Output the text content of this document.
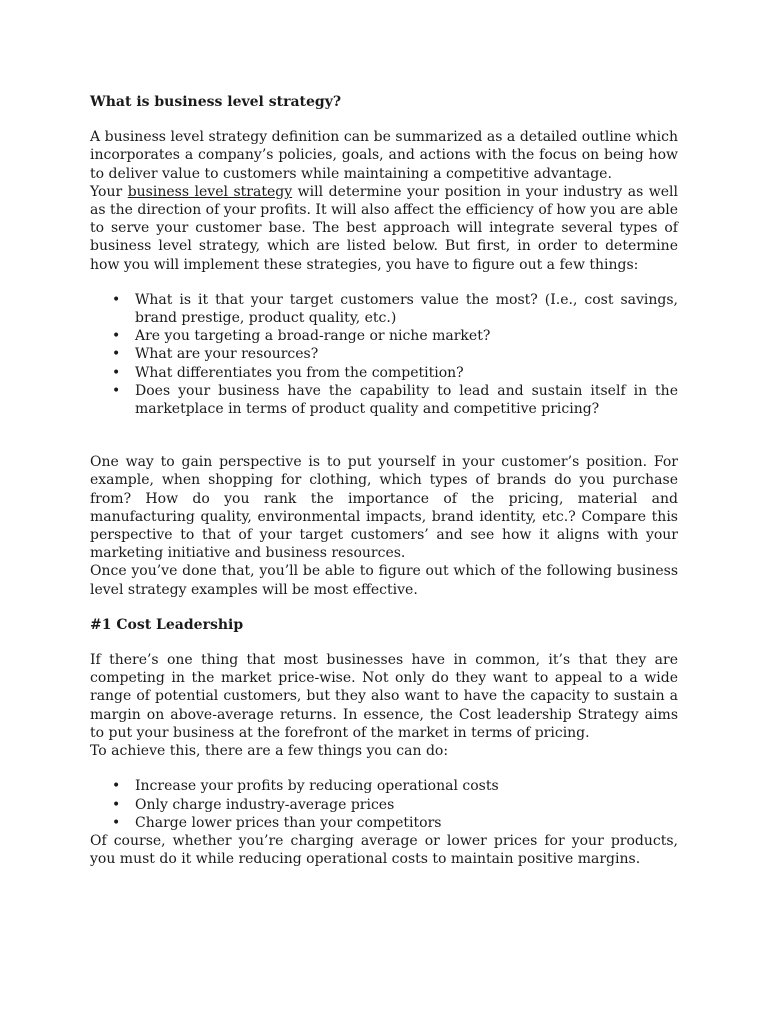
What is business level strategy?

A business level strategy definition can be summarized as a detailed outline which incorporates a company’s policies, goals, and actions with the focus on being how to deliver value to customers while maintaining a competitive advantage.

Your business level strategy will determine your position in your industry as well as the direction of your profits. It will also affect the efficiency of how you are able to serve your customer base. The best approach will integrate several types of business level strategy, which are listed below. But first, in order to determine how you will implement these strategies, you have to figure out a few things:

• What is it that your target customers value the most? (I.e., cost savings, brand prestige, product quality, etc.)
• Are you targeting a broad-range or niche market?
• What are your resources?
• What differentiates you from the competition?
• Does your business have the capability to lead and sustain itself in the marketplace in terms of product quality and competitive pricing?

One way to gain perspective is to put yourself in your customer’s position. For example, when shopping for clothing, which types of brands do you purchase from? How do you rank the importance of the pricing, material and manufacturing quality, environmental impacts, brand identity, etc.? Compare this perspective to that of your target customers’ and see how it aligns with your marketing initiative and business resources.

Once you’ve done that, you’ll be able to figure out which of the following business level strategy examples will be most effective.

#1 Cost Leadership

If there’s one thing that most businesses have in common, it’s that they are competing in the market price-wise. Not only do they want to appeal to a wide range of potential customers, but they also want to have the capacity to sustain a margin on above-average returns. In essence, the Cost leadership Strategy aims to put your business at the forefront of the market in terms of pricing.

To achieve this, there are a few things you can do:

• Increase your profits by reducing operational costs
• Only charge industry-average prices
• Charge lower prices than your competitors

Of course, whether you’re charging average or lower prices for your products, you must do it while reducing operational costs to maintain positive margins.
